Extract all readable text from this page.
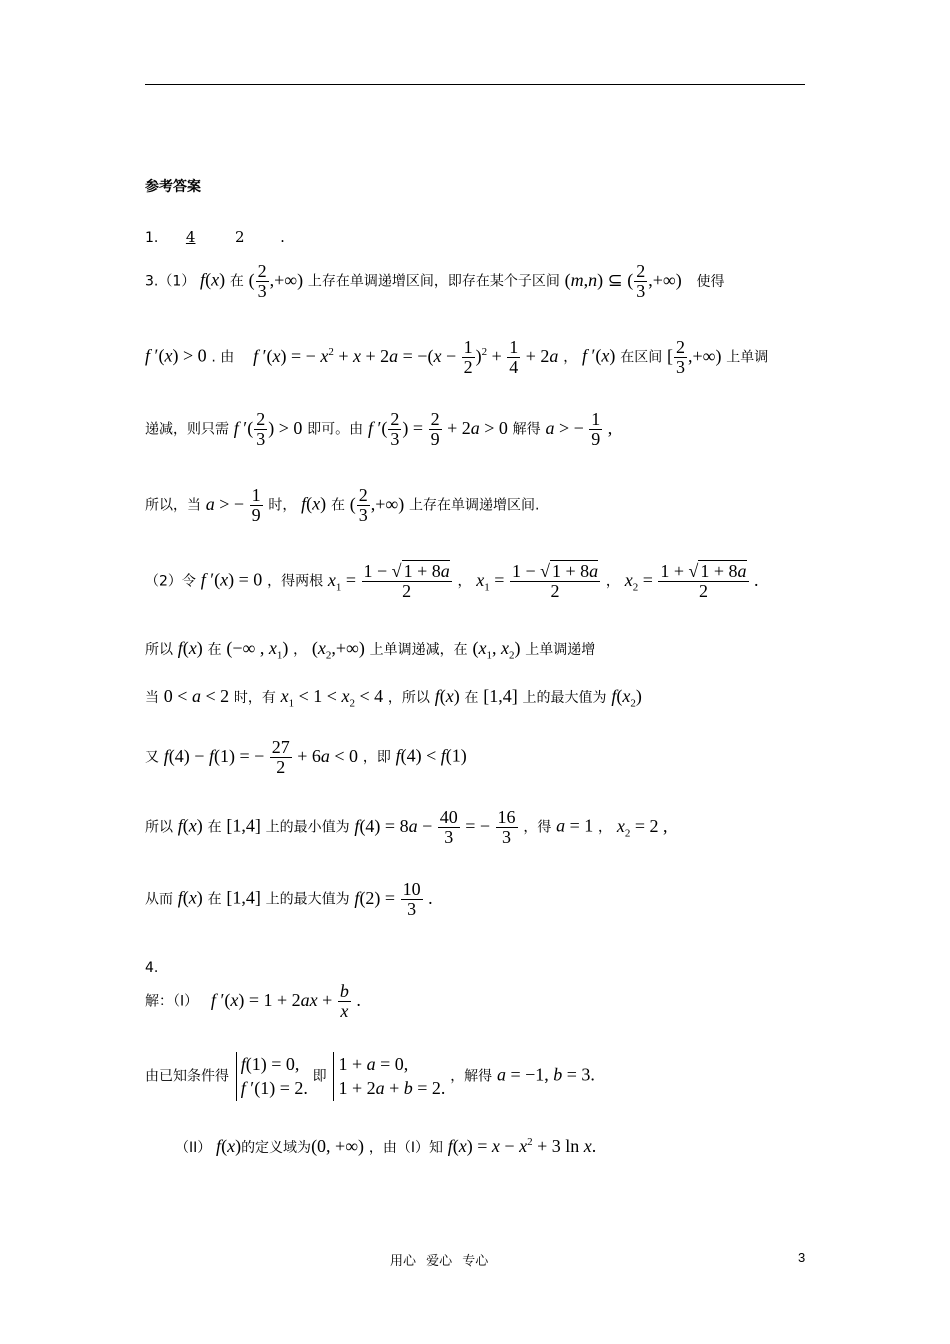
参考答案
1. 4	2 .
3.（1） f(x) 在 ( $\frac{2}{3}$ ,+∞) 上存在单调递增区间，即存在某个子区间 (m,n) ⊆ ( $\frac{2}{3}$ ,+∞) 使得
f ′(x) > 0 . 由 f ′(x) = − $x^2 + x + 2a = -(x - \frac{1}{2} )^2 + \frac{1}{4} + 2a$ ， f ′(x) 在区间 [ $\frac{2}{3}$ ,+∞) 上单调
递减，则只需 f ′( $\frac{2}{3}$ ) > 0 即可。由 f ′( $\frac{2}{3}$ ) = $\frac{2}{9} + 2a > 0$ 解得 a > − $\frac{1}{9}$ ,
所以，当 a > − $\frac{1}{9}$ 时， f(x) 在 ( $\frac{2}{3}$ ,+∞) 上存在单调递增区间.
（2）令 f ′(x) = 0 ，得两根 $x_1 = \frac{1 - √ 1 + 8a}{2}$ ， $x_1 = \frac{1 - √ 1 + 8a}{2}$ ， $x_2 = \frac{1 + √ 1 + 8a}{2}$ .
所以 f(x) 在 (−∞ , $x_1$) ， $(x_2,+\infty)$ 上单调递减，在 ($x_1$, $x_2$) 上单调递增
当 0 < a < 2 时，有 $x_1 < 1 < x_2 < 4$ ，所以 f(x) 在 [1,4] 上的最大值为 $f(x_2)$
又 f(4) − f(1) = − $\frac{27}{2} + 6a < 0$ ，即 f(4) < f(1)
所以 f(x) 在 [1,4] 上的最小值为 $f(4) = 8a - \frac{40}{3}$ = − $\frac{16}{3}$ ，得 a = 1 ， $x_2 = 2$ ,
从而 f(x) 在 [1,4] 上的最大值为 $f(2) = \frac{10}{3}$ .
4.
解：（I） f $'(x) = 1 + 2ax + \frac{b}{x}$ .
由已知条件得
f(1) = 0,
f ′(1) = 2.
即
1 + a = 0,
1 + 2a + b = 2.
，解得 a = −1, b = 3.
（II） f(x)的定义域为(0, +∞) ，由（I）知 $f(x) = x - x^2 + 3$ ln x.
用心 爱心 专心	3
